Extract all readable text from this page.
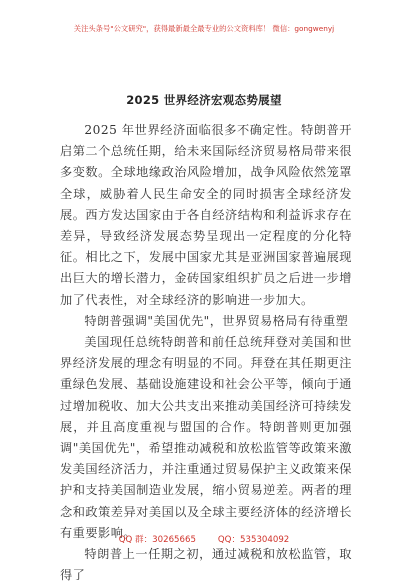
关注头条号"公文研究"，获得最新最全最专业的公文资料库！ 微信：gongwenyj
2025 世界经济宏观态势展望

2025 年世界经济面临很多不确定性。特朗普开启第二个总统任期，给未来国际经济贸易格局带来很多变数。全球地缘政治风险增加，战争风险依然笼罩全球，威胁着人民生命安全的同时损害全球经济发展。西方发达国家由于各自经济结构和利益诉求存在差异，导致经济发展态势呈现出一定程度的分化特征。相比之下，发展中国家尤其是亚洲国家普遍展现出巨大的增长潜力，金砖国家组织扩员之后进一步增加了代表性，对全球经济的影响进一步加大。

特朗普强调"美国优先"，世界贸易格局有待重塑

美国现任总统特朗普和前任总统拜登对美国和世界经济发展的理念有明显的不同。拜登在其任期更注重绿色发展、基础设施建设和社会公平等，倾向于通过增加税收、加大公共支出来推动美国经济可持续发展，并且高度重视与盟国的合作。特朗普则更加强调"美国优先"，希望推动减税和放松监管等政策来激发美国经济活力，并注重通过贸易保护主义政策来保护和支持美国制造业发展，缩小贸易逆差。两者的理念和政策差异对美国以及全球主要经济体的经济增长有重要影响。

特朗普上一任期之初，通过减税和放松监管，取得了

QQ 群：30265665	QQ：535304092
